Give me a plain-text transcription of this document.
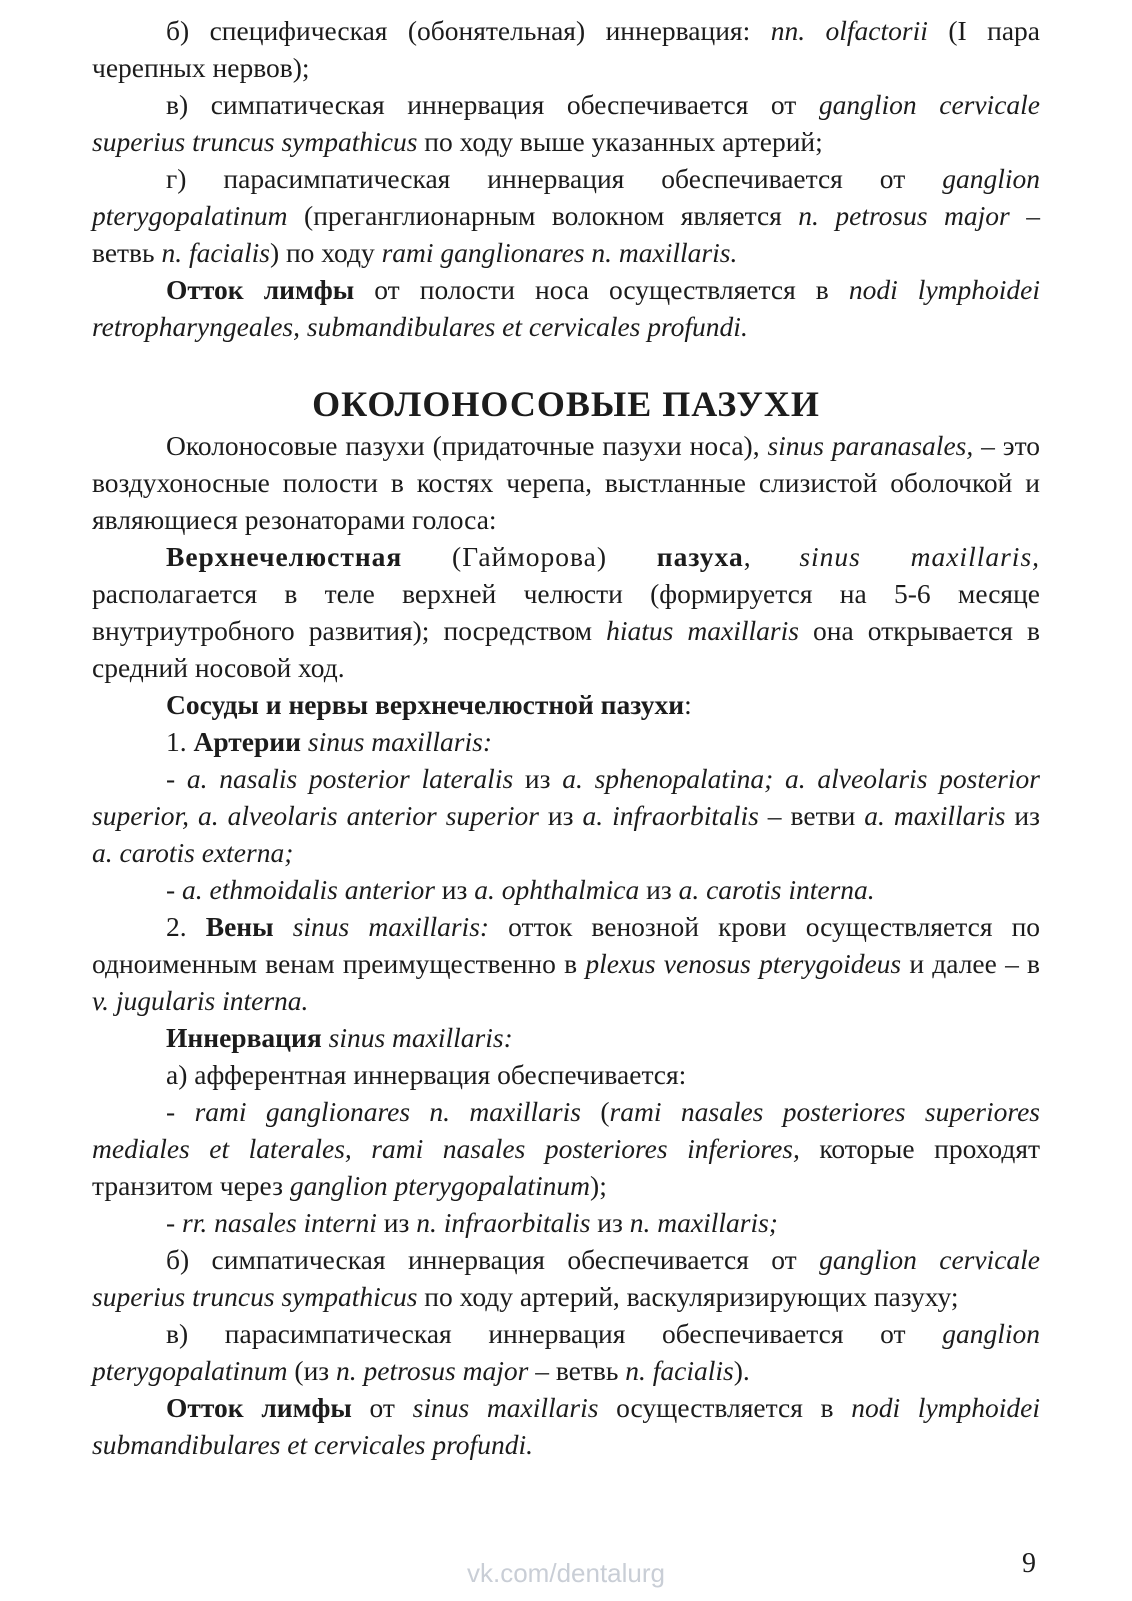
б) специфическая (обонятельная) иннервация: nn. olfactorii (I пара черепных нервов);

в) симпатическая иннервация обеспечивается от ganglion cervicale superius truncus sympathicus по ходу выше указанных артерий;

г) парасимпатическая иннервация обеспечивается от ganglion pterygopalatinum (преганглионарным волокном является n. petrosus major – ветвь n. facialis) по ходу rami ganglionares n. maxillaris.

Отток лимфы от полости носа осуществляется в nodi lymphoidei retropharyngeales, submandibulares et cervicales profundi.

ОКОЛОНОСОВЫЕ ПАЗУХИ

Околоносовые пазухи (придаточные пазухи носа), sinus paranasales, – это воздухоносные полости в костях черепа, выстланные слизистой оболочкой и являющиеся резонаторами голоса:

Верхнечелюстная (Гайморова) пазуха, sinus maxillaris, располагается в теле верхней челюсти (формируется на 5-6 месяце внутриутробного развития); посредством hiatus maxillaris она открывается в средний носовой ход.

Сосуды и нервы верхнечелюстной пазухи:

1. Артерии sinus maxillaris:

- a. nasalis posterior lateralis из a. sphenopalatina; a. alveolaris posterior superior, a. alveolaris anterior superior из a. infraorbitalis – ветви a. maxillaris из a. carotis externa;

- a. ethmoidalis anterior из a. ophthalmica из a. carotis interna.

2. Вены sinus maxillaris: отток венозной крови осуществляется по одноименным венам преимущественно в plexus venosus pterygoideus и далее – в v. jugularis interna.

Иннервация sinus maxillaris:

а) афферентная иннервация обеспечивается:

- rami ganglionares n. maxillaris (rami nasales posteriores superiores mediales et laterales, rami nasales posteriores inferiores, которые проходят транзитом через ganglion pterygopalatinum);

- rr. nasales interni из n. infraorbitalis из n. maxillaris;

б) симпатическая иннервация обеспечивается от ganglion cervicale superius truncus sympathicus по ходу артерий, васкуляризирующих пазуху;

в) парасимпатическая иннервация обеспечивается от ganglion pterygopalatinum (из n. petrosus major – ветвь n. facialis).

Отток лимфы от sinus maxillaris осуществляется в nodi lymphoidei submandibulares et cervicales profundi.

9
vk.com/dentalurg
